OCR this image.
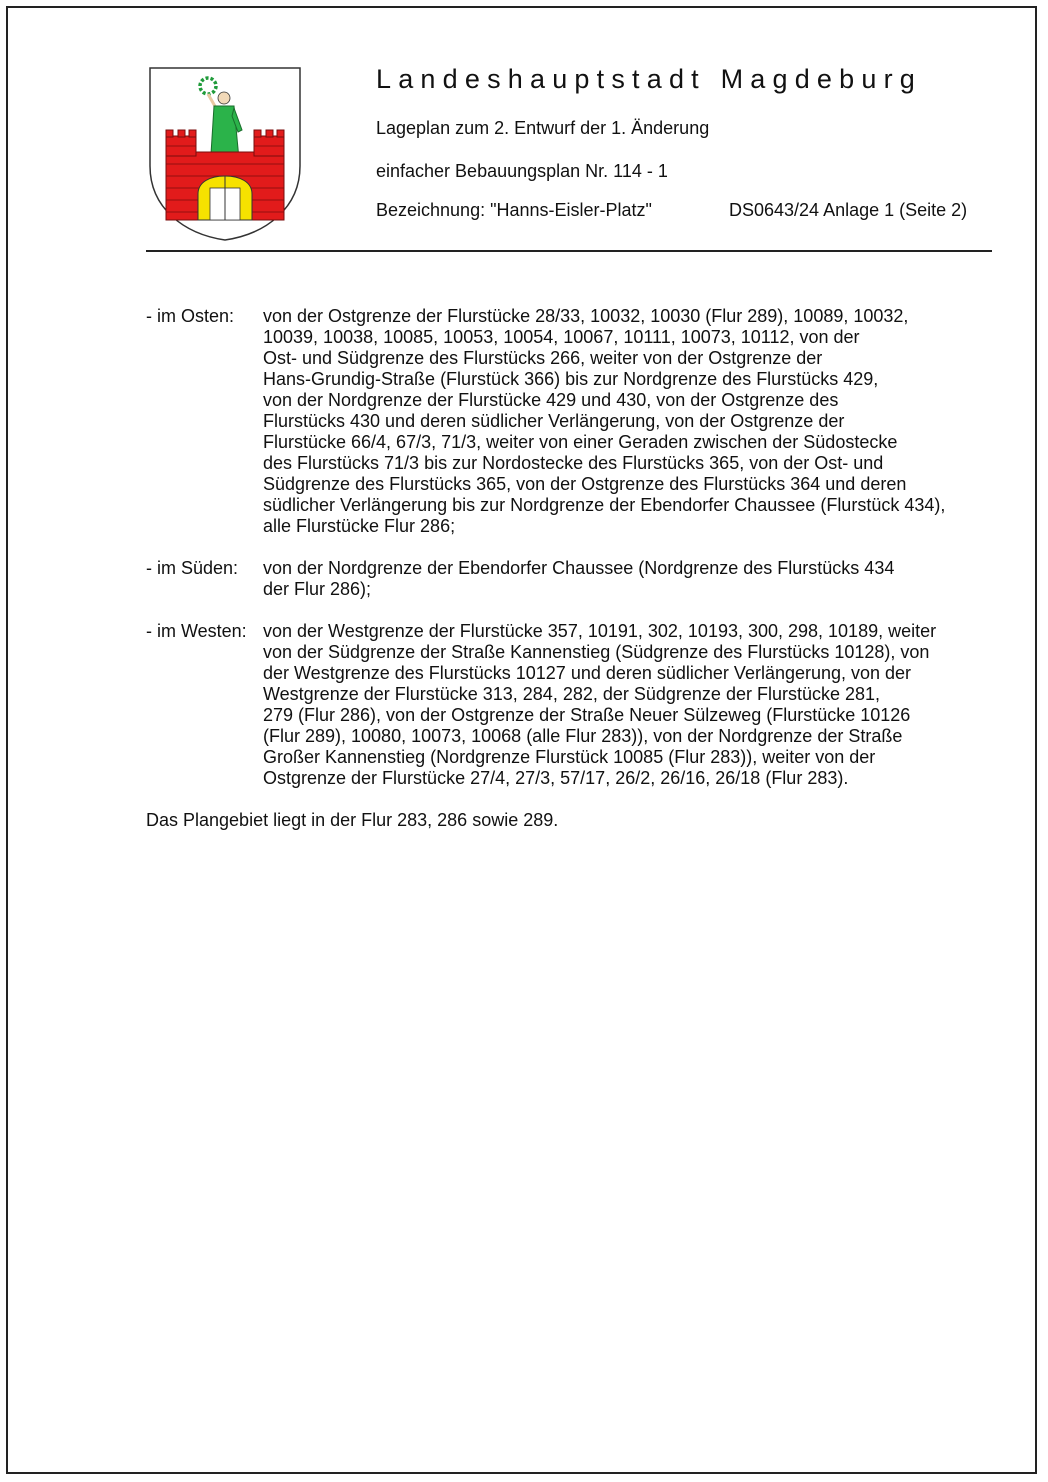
Landeshauptstadt Magdeburg
Lageplan zum 2. Entwurf der 1. Änderung
einfacher Bebauungsplan Nr. 114 - 1
Bezeichnung: "Hanns-Eisler-Platz"	DS0643/24 Anlage 1 (Seite 2)
- im Osten:	von der Ostgrenze der Flurstücke 28/33, 10032, 10030 (Flur 289), 10089, 10032,
10039, 10038, 10085, 10053, 10054, 10067, 10111, 10073, 10112, von der
Ost- und Südgrenze des Flurstücks 266, weiter von der Ostgrenze der
Hans-Grundig-Straße (Flurstück 366) bis zur Nordgrenze des Flurstücks 429,
von der Nordgrenze der Flurstücke 429 und 430, von der Ostgrenze des
Flurstücks 430 und deren südlicher Verlängerung, von der Ostgrenze der
Flurstücke 66/4, 67/3, 71/3, weiter von einer Geraden zwischen der Südostecke
des Flurstücks 71/3 bis zur Nordostecke des Flurstücks 365, von der Ost- und
Südgrenze des Flurstücks 365, von der Ostgrenze des Flurstücks 364 und deren
südlicher Verlängerung bis zur Nordgrenze der Ebendorfer Chaussee (Flurstück 434),
alle Flurstücke Flur 286;
- im Süden:	von der Nordgrenze der Ebendorfer Chaussee (Nordgrenze des Flurstücks 434
der Flur 286);
- im Westen: von der Westgrenze der Flurstücke 357, 10191, 302, 10193, 300, 298, 10189, weiter
von der Südgrenze der Straße Kannenstieg (Südgrenze des Flurstücks 10128), von
der Westgrenze des Flurstücks 10127 und deren südlicher Verlängerung, von der
Westgrenze der Flurstücke 313, 284, 282, der Südgrenze der Flurstücke 281,
279 (Flur 286), von der Ostgrenze der Straße Neuer Sülzeweg (Flurstücke 10126
(Flur 289), 10080, 10073, 10068 (alle Flur 283)), von der Nordgrenze der Straße
Großer Kannenstieg (Nordgrenze Flurstück 10085 (Flur 283)), weiter von der
Ostgrenze der Flurstücke 27/4, 27/3, 57/17, 26/2, 26/16, 26/18 (Flur 283).
Das Plangebiet liegt in der Flur 283, 286 sowie 289.
